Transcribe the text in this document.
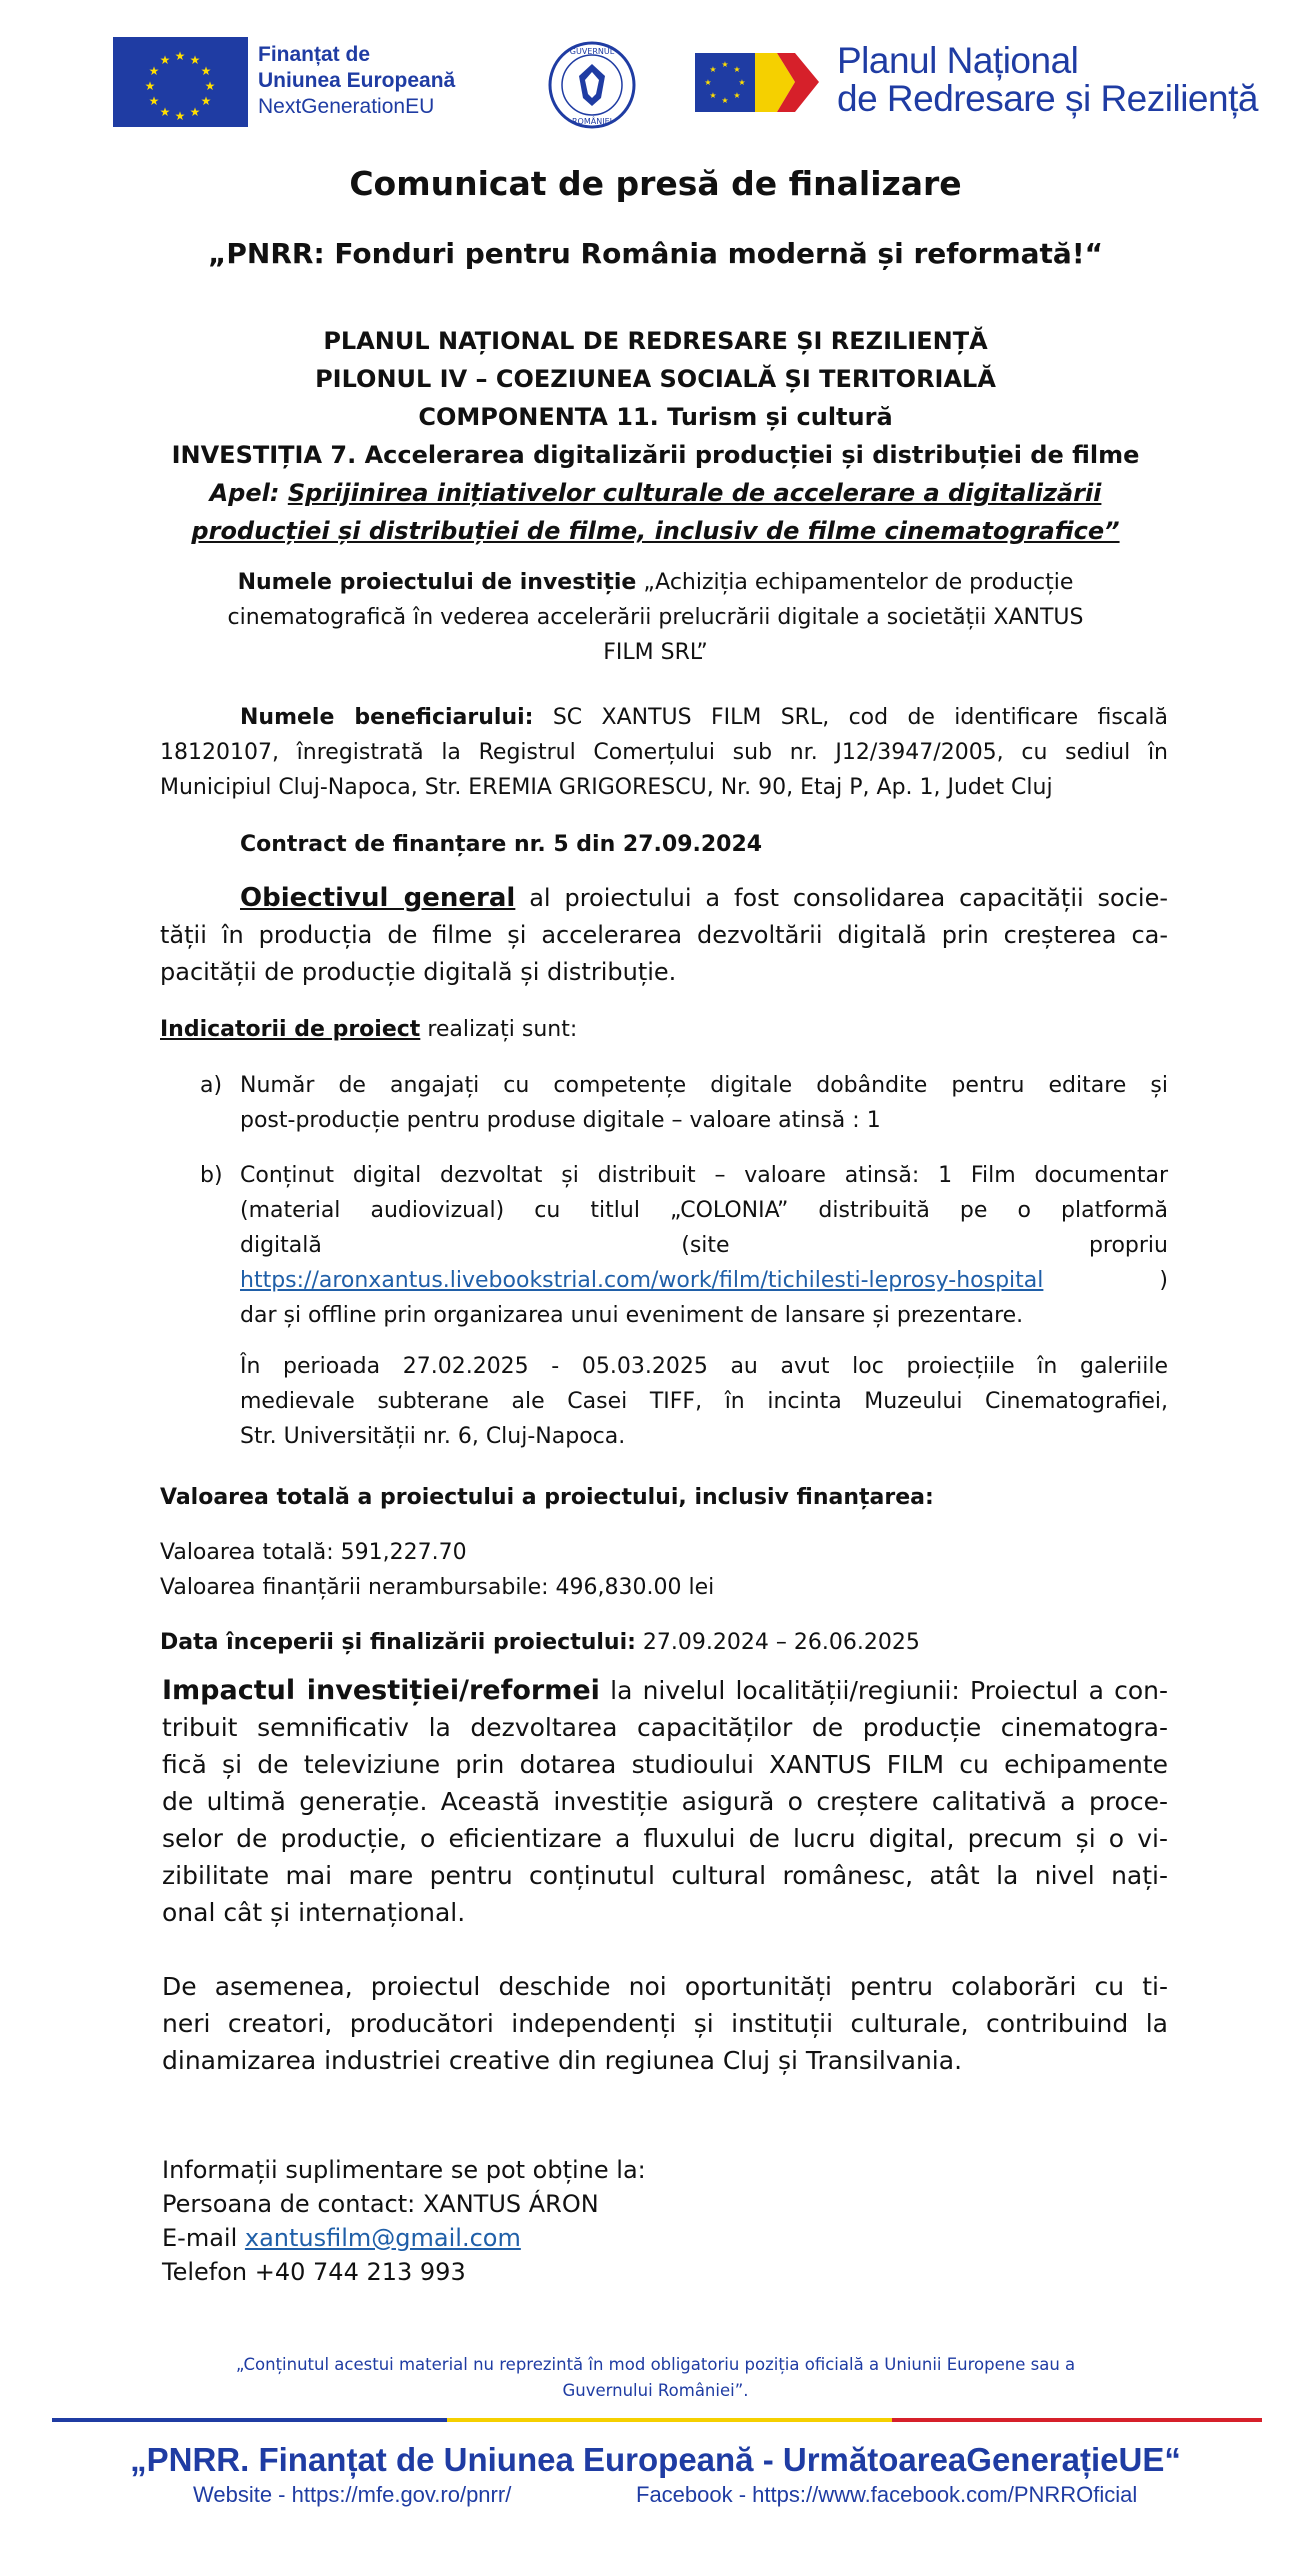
★ ★
★
★
★
★
★
★
★
★
★
★	Finanțat de
Uniunea Europeană
NextGenerationEU
GUVERNUL
ROMÂNIEI
★
★
★
★
★
★
★
★	Planul Național
de Redresare și Reziliență
Comunicat de presă de finalizare
„PNRR: Fonduri pentru România modernă și reformată!“
PLANUL NAȚIONAL DE REDRESARE ȘI REZILIENȚĂ
PILONUL IV – COEZIUNEA SOCIALĂ ȘI TERITORIALĂ
COMPONENTA 11. Turism și cultură
INVESTIȚIA 7. Accelerarea digitalizării producției și distribuției de filme
Apel: Sprijinirea inițiativelor culturale de accelerare a digitalizării
producției și distribuției de filme, inclusiv de filme cinematografice”
Numele proiectului de investiție „Achiziția echipamentelor de producție
cinematografică în vederea accelerării prelucrării digitale a societății XANTUS
FILM SRL”
Numele beneficiarului: SC XANTUS FILM SRL, cod de identificare fiscală
18120107, înregistrată la Registrul Comerțului sub nr. J12/3947/2005, cu sediul în
Municipiul Cluj-Napoca, Str. EREMIA GRIGORESCU, Nr. 90, Etaj P, Ap. 1, Judet Cluj
Contract de finanțare nr. 5 din 27.09.2024
Obiectivul general al proiectului a fost consolidarea capacității socie-
tății în producția de filme și accelerarea dezvoltării digitală prin creșterea ca-
pacității de producție digitală și distribuție.
Indicatorii de proiect realizați sunt:
a) Număr de angajați cu competențe digitale dobândite pentru editare și
post-producție pentru produse digitale – valoare atinsă : 1
b) Conținut digital dezvoltat și distribuit – valoare atinsă: 1 Film documentar
(material audiovizual) cu titlul „COLONIA” distribuită pe o platformă
digitală	(site	propriu
https://aronxantus.livebookstrial.com/work/film/tichilesti-leprosy-hospital	)
dar și offline prin organizarea unui eveniment de lansare și prezentare.
În perioada 27.02.2025 - 05.03.2025 au avut loc proiecțiile în galeriile
medievale subterane ale Casei TIFF, în incinta Muzeului Cinematografiei,
Str. Universității nr. 6, Cluj-Napoca.
Valoarea totală a proiectului a proiectului, inclusiv finanțarea:
Valoarea totală: 591,227.70
Valoarea finanțării nerambursabile: 496,830.00 lei
Data începerii și finalizării proiectului: 27.09.2024 – 26.06.2025
Impactul investiției/reformei la nivelul localității/regiunii: Proiectul a con-
tribuit semnificativ la dezvoltarea capacităților de producție cinematogra-
fică și de televiziune prin dotarea studioului XANTUS FILM cu echipamente
de ultimă generație. Această investiție asigură o creștere calitativă a proce-
selor de producție, o eficientizare a fluxului de lucru digital, precum și o vi-
zibilitate mai mare pentru conținutul cultural românesc, atât la nivel nați-
onal cât și internațional.
De asemenea, proiectul deschide noi oportunități pentru colaborări cu ti-
neri creatori, producători independenți și instituții culturale, contribuind la
dinamizarea industriei creative din regiunea Cluj și Transilvania.
Informații suplimentare se pot obține la:
Persoana de contact: XANTUS ÁRON
E-mail xantusfilm@gmail.com
Telefon +40 744 213 993
„Conținutul acestui material nu reprezintă în mod obligatoriu poziția oficială a Uniunii Europene sau a
Guvernului României”.
„PNRR. Finanțat de Uniunea Europeană - UrmătoareaGenerațieUE“
Website - https://mfe.gov.ro/pnrr/	Facebook - https://www.facebook.com/PNRROficial
